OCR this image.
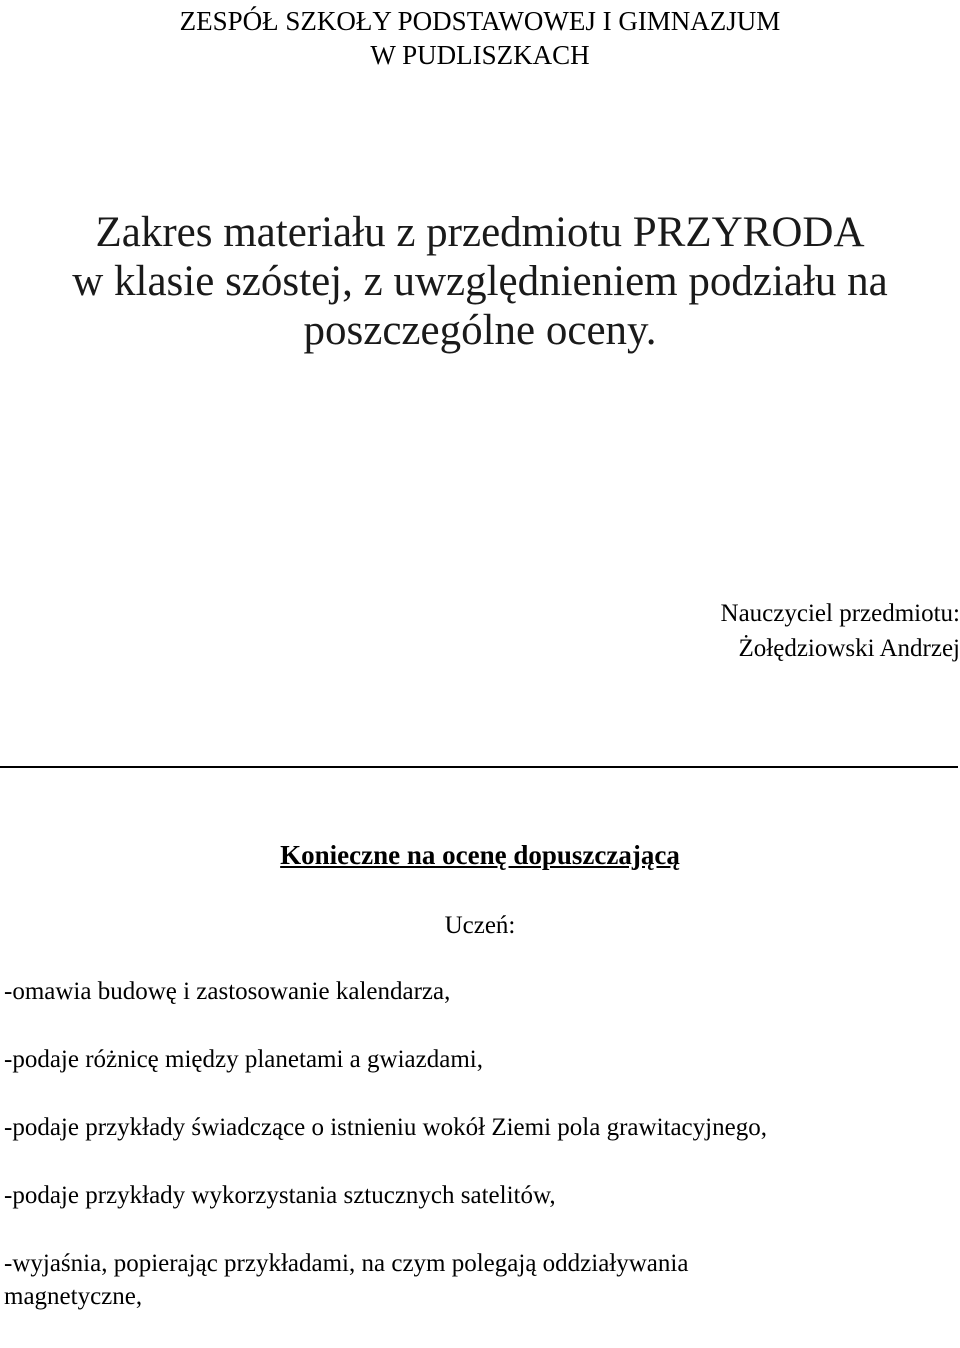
ZESPÓŁ SZKOŁY PODSTAWOWEJ I GIMNAZJUM
W PUDLISZKACH
Zakres materiału z przedmiotu PRZYRODA
w klasie szóstej, z uwzględnieniem podziału na
poszczególne oceny.
Nauczyciel przedmiotu:
Żołędziowski Andrzej
Konieczne na ocenę dopuszczającą
Uczeń:
-omawia budowę i zastosowanie kalendarza,
-podaje różnicę między planetami a gwiazdami,
-podaje przykłady świadczące o istnieniu wokół Ziemi pola grawitacyjnego,
-podaje przykłady wykorzystania sztucznych satelitów,
-wyjaśnia, popierając przykładami, na czym polegają oddziaływania magnetyczne,
